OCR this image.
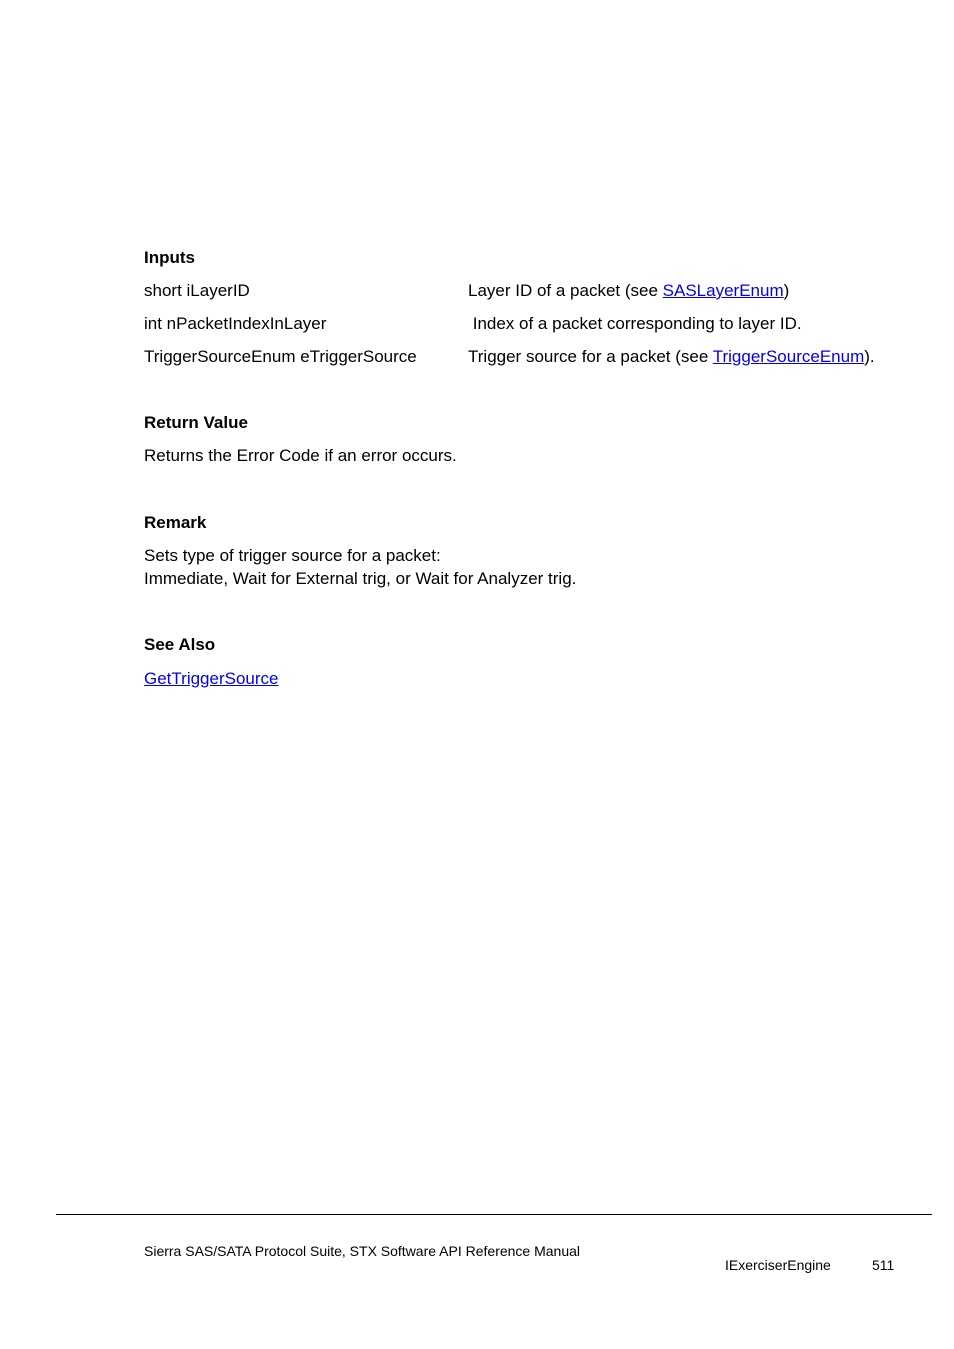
Inputs
short iLayerID	Layer ID of a packet (see SASLayerEnum)
int nPacketIndexInLayer	Index of a packet corresponding to layer ID.
TriggerSourceEnum eTriggerSource	Trigger source for a packet (see TriggerSourceEnum).
Return Value
Returns the Error Code if an error occurs.
Remark
Sets type of trigger source for a packet:
Immediate, Wait for External trig, or Wait for Analyzer trig.
See Also
GetTriggerSource
Sierra SAS/SATA Protocol Suite, STX Software API Reference Manual
IExerciserEngine	511
